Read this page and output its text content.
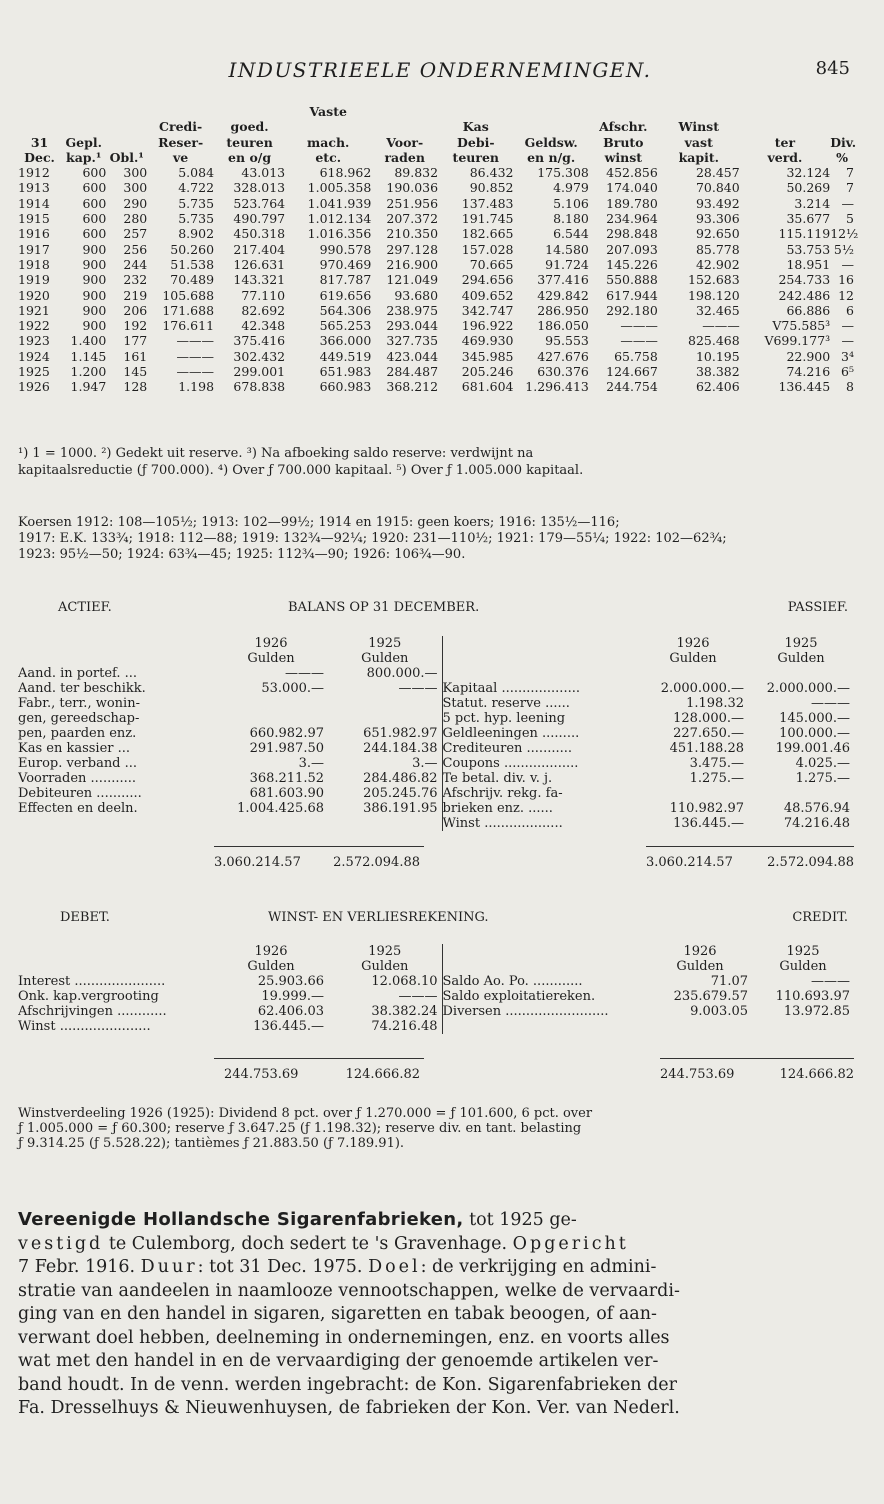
INDUSTRIEELE ONDERNEMINGEN.	845
					Vaste							
			Credi-	goed.			Kas		Afschr.	Winst		
31	Gepl.		Reser-	teuren	mach.	Voor-	Debi-	Geldsw.	Bruto	vast	ter	Div.
Dec.	kap.¹	Obl.¹	ve	en o/g	etc.	raden	teuren	en n/g.	winst	kapit.	verd.	%
1912	600	300	5.084	43.013	618.962	89.832	86.432	175.308	452.856	28.457	32.124	7
1913	600	300	4.722	328.013	1.005.358	190.036	90.852	4.979	174.040	70.840	50.269	7
1914	600	290	5.735	523.764	1.041.939	251.956	137.483	5.106	189.780	93.492	3.214	—
1915	600	280	5.735	490.797	1.012.134	207.372	191.745	8.180	234.964	93.306	35.677	5
1916	600	257	8.902	450.318	1.016.356	210.350	182.665	6.544	298.848	92.650	115.119	12½
1917	900	256	50.260	217.404	990.578	297.128	157.028	14.580	207.093	85.778	53.753	5½
1918	900	244	51.538	126.631	970.469	216.900	70.665	91.724	145.226	42.902	18.951	—
1919	900	232	70.489	143.321	817.787	121.049	294.656	377.416	550.888	152.683	254.733	16
1920	900	219	105.688	77.110	619.656	93.680	409.652	429.842	617.944	198.120	242.486	12
1921	900	206	171.688	82.692	564.306	238.975	342.747	286.950	292.180	32.465	66.886	6
1922	900	192	176.611	42.348	565.253	293.044	196.922	186.050	———	———	V75.585³	—
1923	1.400	177	———	375.416	366.000	327.735	469.930	95.553	———	825.468	V699.177³	—
1924	1.145	161	———	302.432	449.519	423.044	345.985	427.676	65.758	10.195	22.900	3⁴
1925	1.200	145	———	299.001	651.983	284.487	205.246	630.376	124.667	38.382	74.216	6⁵
1926	1.947	128	1.198	678.838	660.983	368.212	681.604	1.296.413	244.754	62.406	136.445	8

¹) 1 = 1000. ²) Gedekt uit reserve. ³) Na afboeking saldo reserve: verdwijnt na

kapitaalsreductie (ƒ 700.000). ⁴) Over ƒ 700.000 kapitaal. ⁵) Over ƒ 1.005.000 kapitaal.

Koersen 1912: 108—105½; 1913: 102—99½; 1914 en 1915: geen koers; 1916: 135½—116;

1917: E.K. 133¾; 1918: 112—88; 1919: 132¾—92¼; 1920: 231—110½; 1921: 179—55¼; 1922: 102—62¾;

1923: 95½—50; 1924: 63¾—45; 1925: 112¾—90; 1926: 106¾—90.

ACTIEF.	BALANS OP 31 DECEMBER.	PASSIEF.
	1926	1925		1926	1925
	Gulden	Gulden		Gulden	Gulden
Aand. in portef. ...	———	800.000.—			
Aand. ter beschikk.	53.000.—	———	Kapitaal ...................	2.000.000.—	2.000.000.—
Fabr., terr., wonin-			Statut. reserve ......	1.198.32	———
gen, gereedschap-			5 pct. hyp. leening	128.000.—	145.000.—
pen, paarden enz.	660.982.97	651.982.97	Geldleeningen .........	227.650.—	100.000.—
Kas en kassier ...	291.987.50	244.184.38	Crediteuren ...........	451.188.28	199.001.46
Europ. verband ...	3.—	3.—	Coupons ..................	3.475.—	4.025.—
Voorraden ...........	368.211.52	284.486.82	Te betal. div. v. j.	1.275.—	1.275.—
Debiteuren ...........	681.603.90	205.245.76	Afschrijv. rekg. fa-		
Effecten en deeln.	1.004.425.68	386.191.95	brieken enz. ......	110.982.97	48.576.94
			Winst ...................	136.445.—	74.216.48
3.060.214.57 2.572.094.88	3.060.214.57	2.572.094.88
DEBET.	WINST- EN VERLIESREKENING.	CREDIT.
	1926	1925		1926	1925
	Gulden	Gulden		Gulden	Gulden
Interest ......................	25.903.66	12.068.10	Saldo Ao. Po. ............	71.07	———
Onk. kap.vergrooting	19.999.—	———	Saldo exploitatiereken.	235.679.57	110.693.97
Afschrijvingen ............	62.406.03	38.382.24	Diversen .........................	9.003.05	13.972.85
Winst ......................	136.445.—	74.216.48			
244.753.69	124.666.82	244.753.69	124.666.82

Winstverdeeling 1926 (1925): Dividend 8 pct. over ƒ 1.270.000 = ƒ 101.600, 6 pct. over

ƒ 1.005.000 = ƒ 60.300; reserve ƒ 3.647.25 (ƒ 1.198.32); reserve div. en tant. belasting

ƒ 9.314.25 (ƒ 5.528.22); tantièmes ƒ 21.883.50 (ƒ 7.189.91).

Vereenigde Hollandsche Sigarenfabrieken, tot 1925 ge-

vestigd te Culemborg, doch sedert te 's Gravenhage. Opgericht

7 Febr. 1916. Duur: tot 31 Dec. 1975. Doel: de verkrijging en admini-

stratie van aandeelen in naamlooze vennootschappen, welke de vervaardi-

ging van en den handel in sigaren, sigaretten en tabak beoogen, of aan-

verwant doel hebben, deelneming in ondernemingen, enz. en voorts alles

wat met den handel in en de vervaardiging der genoemde artikelen ver-

band houdt. In de venn. werden ingebracht: de Kon. Sigarenfabrieken der

Fa. Dresselhuys & Nieuwenhuysen, de fabrieken der Kon. Ver. van Nederl.
